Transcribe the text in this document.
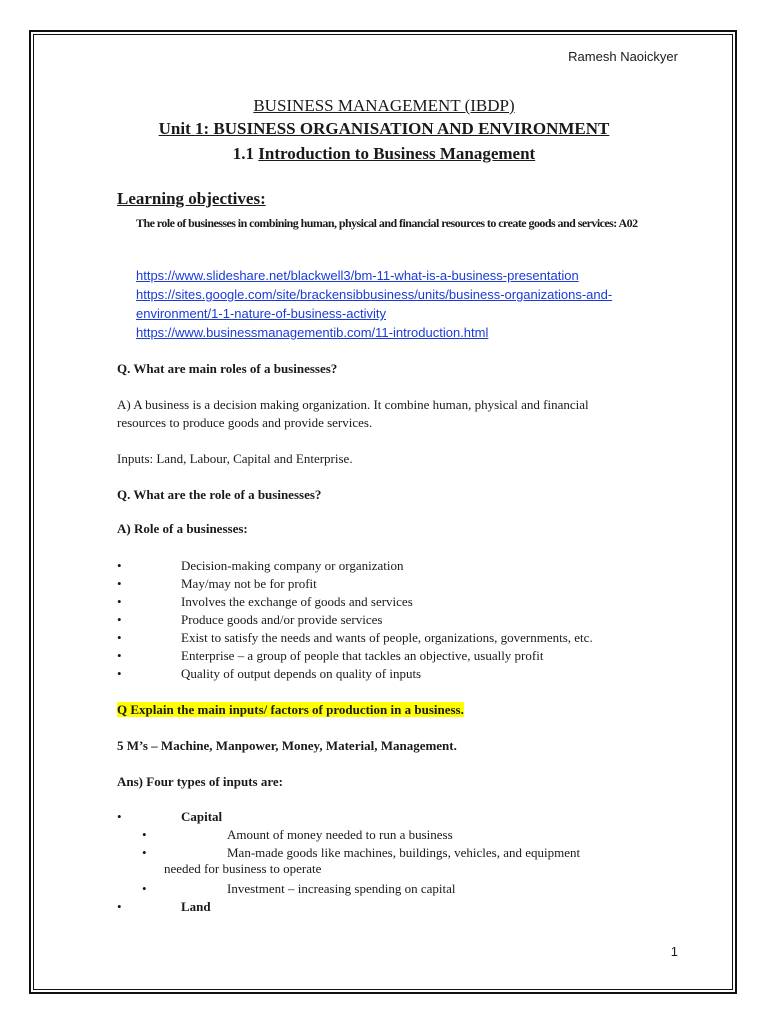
Ramesh Naoickyer
BUSINESS MANAGEMENT (IBDP)
Unit 1: BUSINESS ORGANISATION AND ENVIRONMENT
1.1 Introduction to Business Management
Learning objectives:
The role of businesses in combining human, physical and financial resources to create goods and services: A02
https://www.slideshare.net/blackwell3/bm-11-what-is-a-business-presentation
https://sites.google.com/site/brackensibbusiness/units/business-organizations-and-
environment/1-1-nature-of-business-activity
https://www.businessmanagementib.com/11-introduction.html
Q. What are main roles of a businesses?
A) A business is a decision making organization. It combine human, physical and financial
resources to produce goods and provide services.
Inputs: Land, Labour, Capital and Enterprise.
Q. What are the role of a businesses?
A) Role of a businesses:
•	Decision-making company or organization
•	May/may not be for profit
•	Involves the exchange of goods and services
•	Produce goods and/or provide services
•	Exist to satisfy the needs and wants of people, organizations, governments, etc.
•	Enterprise – a group of people that tackles an objective, usually profit
•	Quality of output depends on quality of inputs
Q Explain the main inputs/ factors of production in a business.
5 M’s – Machine, Manpower, Money, Material, Management.
Ans) Four types of inputs are:
•	Capital
•	Amount of money needed to run a business
•	Man-made goods like machines, buildings, vehicles, and equipment
needed for business to operate
•	Investment – increasing spending on capital
•	Land
1
